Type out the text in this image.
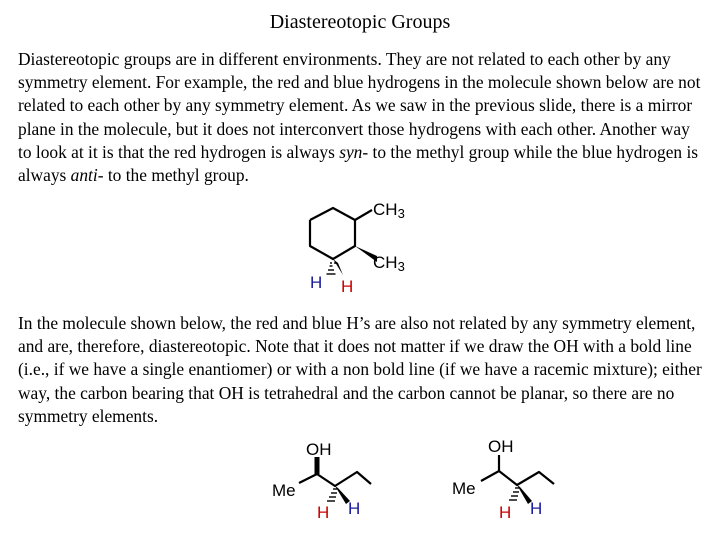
Diastereotopic Groups

Diastereotopic groups are in different environments. They are not related to each other by any symmetry element. For example, the red and blue hydrogens in the molecule shown below are not related to each other by any symmetry element. As we saw in the previous slide, there is a mirror plane in the molecule, but it does not interconvert those hydrogens with each other. Another way to look at it is that the red hydrogen is always syn- to the methyl group while the blue hydrogen is always anti- to the methyl group.

CH3
CH3
H H

In the molecule shown below, the red and blue H’s are also not related by any symmetry element, and are, therefore, diastereotopic. Note that it does not matter if we draw the OH with a bold line (i.e., if we have a single enantiomer) or with a non bold line (if we have a racemic mixture); either way, the carbon bearing that OH is tetrahedral and the carbon cannot be planar, so there are no symmetry elements.

OH
Me
H H
OH
Me
H H
